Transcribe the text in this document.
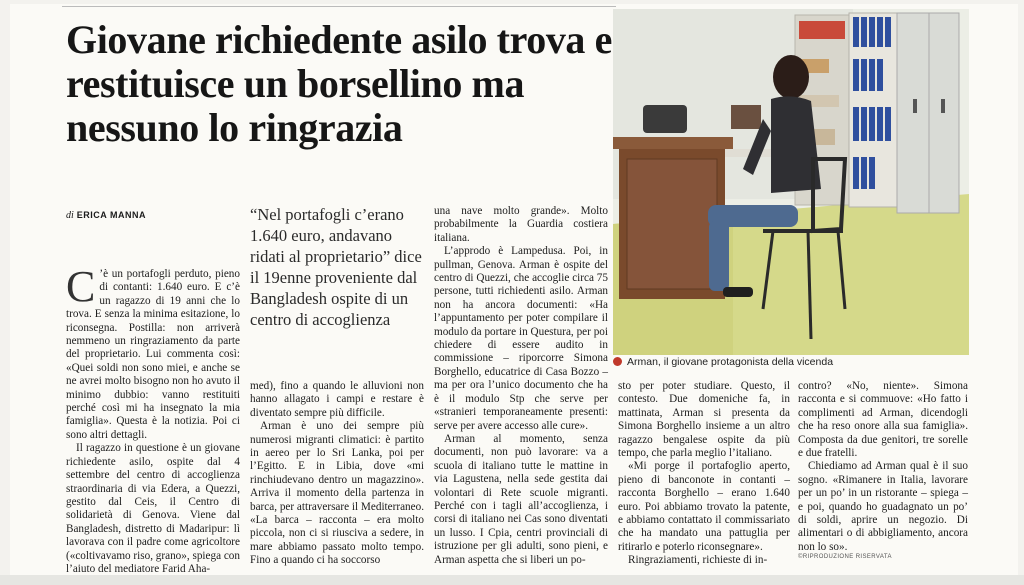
Giovane richiedente asilo trova e restituisce un borsellino ma nessuno lo ringrazia
di ERICA MANNA	“Nel portafogli c’erano 1.640 euro, andavano ridati al proprietario” dice il 19enne proveniente dal Bangladesh ospite di un centro di accoglienza

C ’è un portafogli perduto, pieno di contanti: 1.640 euro. E c’è un ragazzo di 19 anni che lo trova. E senza la minima esitazione, lo riconsegna. Postilla: non arriverà nemmeno un ringraziamento da parte del proprietario. Lui commenta così: «Quei soldi non sono miei, e anche se ne avrei molto bisogno non ho avuto il minimo dubbio: vanno restituiti perché così mi ha insegnato la mia famiglia». Questa è la notizia. Poi ci sono altri dettagli.

Il ragazzo in questione è un giovane richiedente asilo, ospite dal 4 settembre del centro di accoglienza straordinaria di via Edera, a Quezzi, gestito dal Ceis, il Centro di solidarietà di Genova. Viene dal Bangladesh, distretto di Madaripur: lì lavorava con il padre come agricoltore («coltivavamo riso, grano», spiega con l’aiuto del mediatore Farid Aha-

med), fino a quando le alluvioni non hanno allagato i campi e restare è diventato sempre più difficile.

Arman è uno dei sempre più numerosi migranti climatici: è partito in aereo per lo Sri Lanka, poi per l’Egitto. E in Libia, dove «mi rinchiudevano dentro un magazzino». Arriva il momento della partenza in barca, per attraversare il Mediterraneo. «La barca – racconta – era molto piccola, non ci si riusciva a sedere, in mare abbiamo passato molto tempo. Fino a quando ci ha soccorso

una nave molto grande». Molto probabilmente la Guardia costiera italiana.

L’approdo è Lampedusa. Poi, in pullman, Genova. Arman è ospite del centro di Quezzi, che accoglie circa 75 persone, tutti richiedenti asilo. Arman non ha ancora documenti: «Ha l’appuntamento per poter compilare il modulo da portare in Questura, per poi chiedere di essere audito in commissione – riporcorre Simona Borghello, educatrice di Casa Bozzo – ma per ora l’unico documento che ha è il modulo Stp che serve per «stranieri temporaneamente presenti: serve per avere accesso alle cure».

Arman al momento, senza documenti, non può lavorare: va a scuola di italiano tutte le mattine in via Lagustena, nella sede gestita dai volontari di Rete scuole migranti. Perché con i tagli all’accoglienza, i corsi di italiano nei Cas sono diventati un lusso. I Cpia, centri provinciali di istruzione per gli adulti, sono pieni, e Arman aspetta che si liberi un po-

sto per poter studiare. Questo, il contesto. Due domeniche fa, in mattinata, Arman si presenta da Simona Borghello insieme a un altro ragazzo bengalese ospite da più tempo, che parla meglio l’italiano.

«Mi porge il portafoglio aperto, pieno di banconote in contanti – racconta Borghello – erano 1.640 euro. Poi abbiamo trovato la patente, e abbiamo contattato il commissariato che ha mandato una pattuglia per ritirarlo e poterlo riconsegnare».

Ringraziamenti, richieste di in-

contro? «No, niente». Simona racconta e si commuove: «Ho fatto i complimenti ad Arman, dicendogli che ha reso onore alla sua famiglia». Composta da due genitori, tre sorelle e due fratelli.

Chiediamo ad Arman qual è il suo sogno. «Rimanere in Italia, lavorare per un po’ in un ristorante – spiega – e poi, quando ho guadagnato un po’ di soldi, aprire un negozio. Di alimentari o di abbigliamento, ancora non lo so».

©RIPRODUZIONE RISERVATA
Arman, il giovane protagonista della vicenda
